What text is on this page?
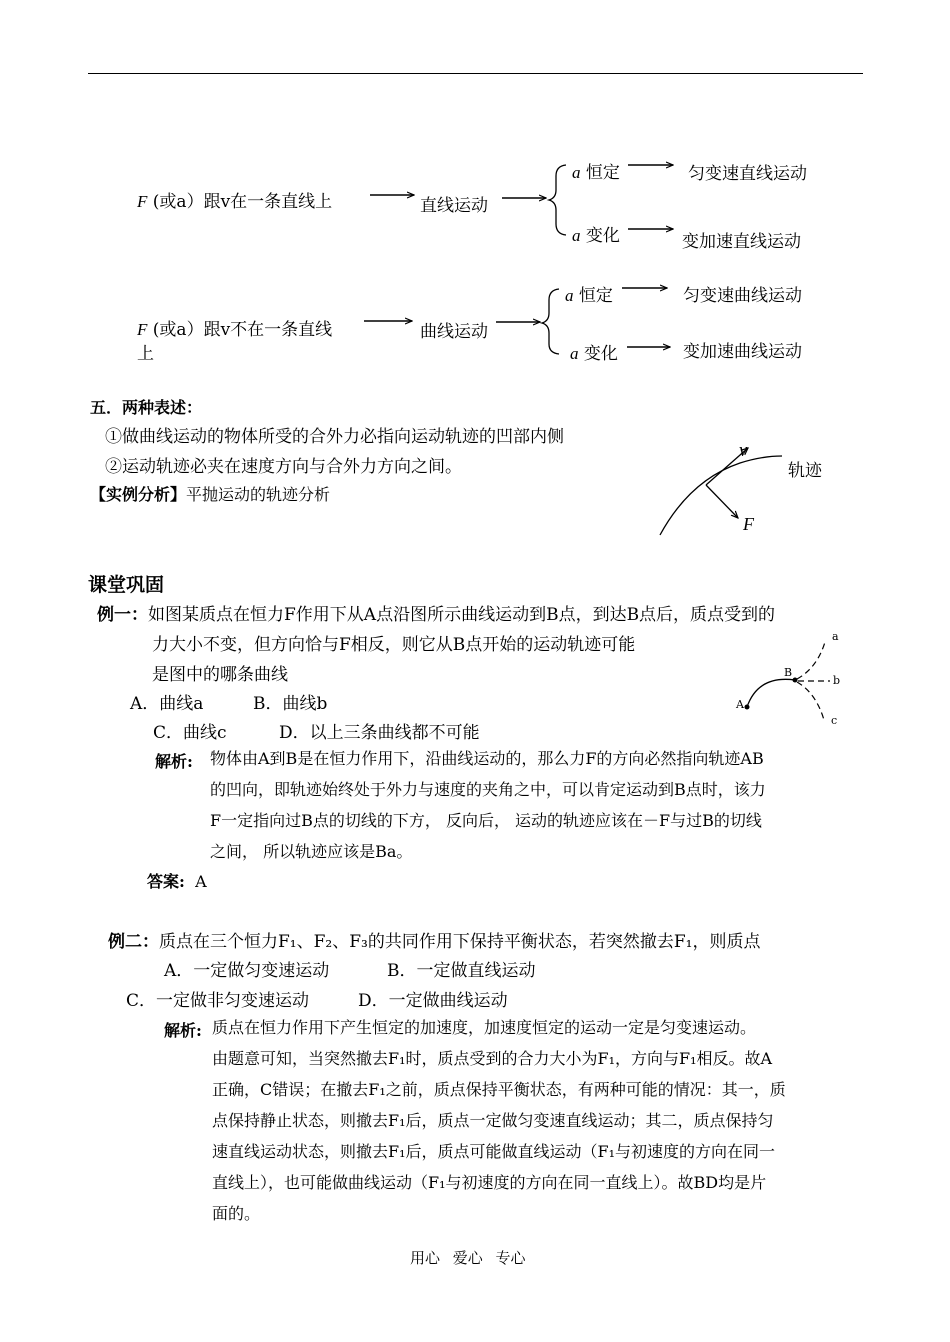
F (或a）跟v在一条直线上	直线运动
a 恒定	匀变速直线运动
a 变化	变加速直线运动
F (或a）跟v不在一条直线
上
曲线运动
a 恒定	匀变速曲线运动
a 变化	变加速曲线运动
v
轨迹
F
五．两种表述：
①做曲线运动的物体所受的合外力必指向运动轨迹的凹部内侧
②运动轨迹必夹在速度方向与合外力方向之间。
【实例分析】平抛运动的轨迹分析
课堂巩固
例一：如图某质点在恒力F作用下从A点沿图所示曲线运动到B点，到达B点后，质点受到的
力大小不变，但方向恰与F相反，则它从B点开始的运动轨迹可能
是图中的哪条曲线
A．曲线a	B．曲线b
C．曲线c	D．以上三条曲线都不可能
a
b
c
A
B
解析: 物体由A到B是在恒力作用下，沿曲线运动的，那么力F的方向必然指向轨迹AB
的凹向，即轨迹始终处于外力与速度的夹角之中，可以肯定运动到B点时，该力
F一定指向过B点的切线的下方， 反向后， 运动的轨迹应该在－F与过B的切线
之间， 所以轨迹应该是Ba。
答案: A
例二：质点在三个恒力F₁、F₂、F₃的共同作用下保持平衡状态，若突然撤去F₁，则质点
A．一定做匀变速运动	B．一定做直线运动
C．一定做非匀变速运动	D．一定做曲线运动
解析: 质点在恒力作用下产生恒定的加速度，加速度恒定的运动一定是匀变速运动。
由题意可知，当突然撤去F₁时，质点受到的合力大小为F₁，方向与F₁相反。故A
正确，C错误；在撤去F₁之前，质点保持平衡状态，有两种可能的情况：其一，质
点保持静止状态，则撤去F₁后，质点一定做匀变速直线运动；其二，质点保持匀
速直线运动状态，则撤去F₁后，质点可能做直线运动（F₁与初速度的方向在同一
直线上），也可能做曲线运动（F₁与初速度的方向在同一直线上）。故BD均是片
面的。
用心 爱心 专心
